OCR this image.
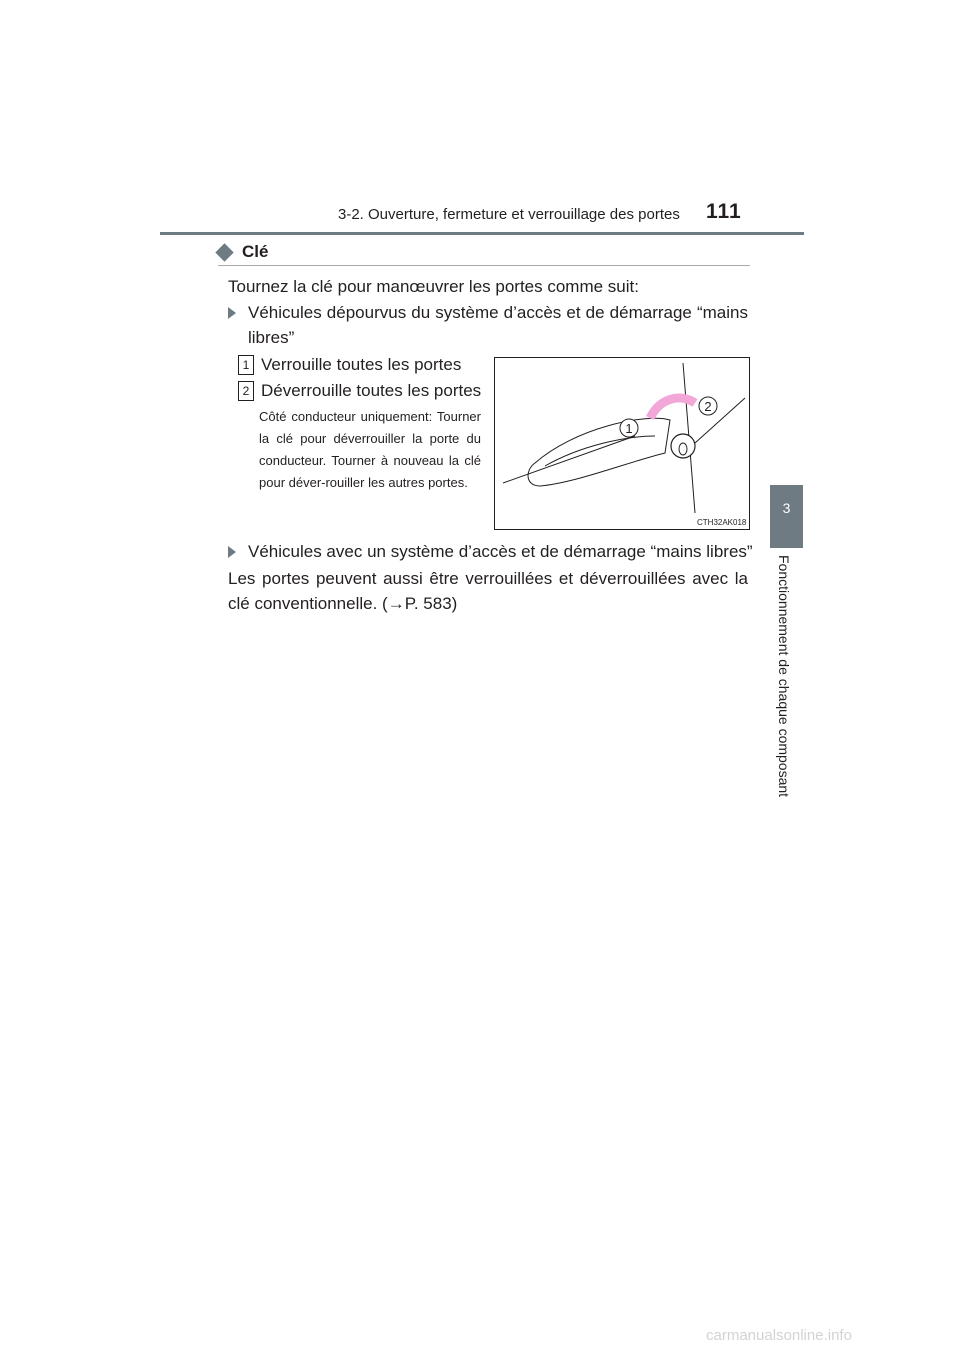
3-2. Ouverture, fermeture et verrouillage des portes 111
3
Fonctionnement de chaque composant
Clé
Tournez la clé pour manœuvrer les portes comme suit:
Véhicules dépourvus du système d’accès et de démarrage “mains libres”
1 Verrouille toutes les portes
2 Déverrouille toutes les portes
Côté conducteur uniquement: Tourner la clé pour déverrouiller la porte du conducteur. Tourner à nouveau la clé pour déver-rouiller les autres portes.
1
2
CTH32AK018
Véhicules avec un système d’accès et de démarrage “mains libres”
Les portes peuvent aussi être verrouillées et déverrouillées avec la clé conventionnelle. (→P. 583)
carmanualsonline.info
